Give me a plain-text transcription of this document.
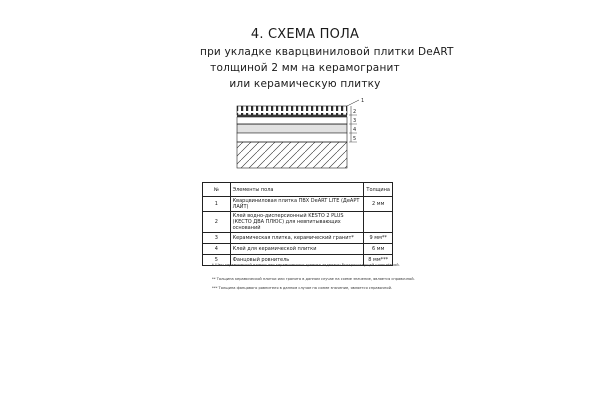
4. СХЕМА ПОЛА
при укладке кварцвиниловой плитки DeART
толщиной 2 мм на керамогранит
или керамическую плитку
1
2
3
4
5
№	Элементы пола	Толщина
1	Кварцвиниловая плитка ПВХ DeART LITE (ДеАРТ ЛАЙТ)	2 мм
2	Клей водно-дисперсионный KESTO 2 PLUS (КЕСТО ДВА ПЛЮС) для невпитывающих оснований	
3	Керамическая плитка, керамический гранит*	9 мм**
4	Клей для керамической плитки	6 мм
5	Фанцовый ровнитель	8 мм***
* Швы керамической плитки или керамического гранита заделаны быстросохнущей шпаклёвкой.
** Толщина керамической плитки или гранита в данном случае на схеме значение, является справочной.
*** Толщина фанцового ровнителя в данном случае на схеме значение, является справочной.
